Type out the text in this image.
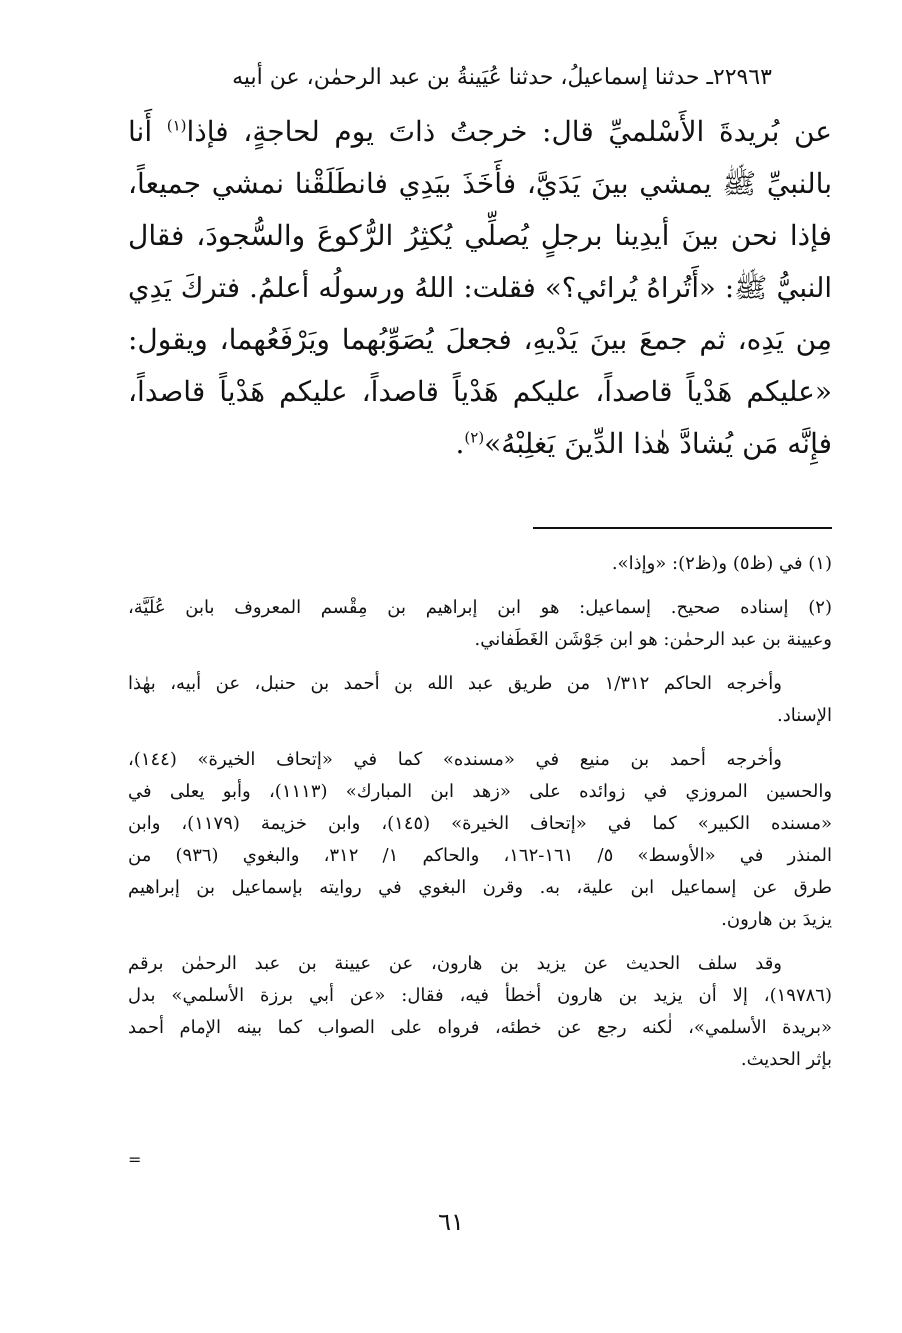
٢٢٩٦٣ـ حدثنا إسماعيلُ، حدثنا عُيَينةُ بن عبد الرحمٰن، عن أبيه

عن بُريدةَ الأَسْلميِّ قال: خرجتُ ذاتَ يوم لحاجةٍ، فإذا$^{(١)}$ أَنا

بالنبيِّ ﷺ يمشي بينَ يَدَيَّ، فأَخَذَ بيَدِي فانطَلَقْنا نمشي جميعاً،

فإذا نحن بينَ أيدِينا برجلٍ يُصلِّي يُكثِرُ الرُّكوعَ والسُّجودَ، فقال

النبيُّ ﷺ: «أَتُراهُ يُرائي؟» فقلت: اللهُ ورسولُه أعلمُ. فتركَ يَدِي

مِن يَدِه، ثم جمعَ بينَ يَدْيهِ، فجعلَ يُصَوِّبُهما ويَرْفَعُهما، ويقول:

«عليكم هَدْياً قاصداً، عليكم هَدْياً قاصداً، عليكم هَدْياً قاصداً،

فإِنَّه مَن يُشادَّ هٰذا الدِّينَ يَغلِبْهُ»$^{(٢)}$.

(١) في (ظ٥) و(ظ٢): «وإذا».

(٢) إسناده صحيح. إسماعيل: هو ابن إبراهيم بن مِقْسم المعروف بابن عُلَيَّة،

وعيينة بن عبد الرحمٰن: هو ابن جَوْشَن الغَطَفاني.

وأخرجه الحاكم ١/٣١٢ من طريق عبد الله بن أحمد بن حنبل، عن أبيه، بهٰذا

الإسناد.

وأخرجه أحمد بن منيع في «مسنده» كما في «إتحاف الخيرة» (١٤٤)،

والحسين المروزي في زوائده على «زهد ابن المبارك» (١١١٣)، وأبو يعلى في

«مسنده الكبير» كما في «إتحاف الخيرة» (١٤٥)، وابن خزيمة (١١٧٩)، وابن

المنذر في «الأوسط» ٥/ ١٦١-١٦٢، والحاكم ١/ ٣١٢، والبغوي (٩٣٦) من

طرق عن إسماعيل ابن علية، به. وقرن البغوي في روايته بإسماعيل بن إبراهيم

يزيدَ بن هارون.

وقد سلف الحديث عن يزيد بن هارون، عن عيينة بن عبد الرحمٰن برقم

(١٩٧٨٦)، إلا أن يزيد بن هارون أخطأ فيه، فقال: «عن أبي برزة الأسلمي» بدل

«بريدة الأسلمي»، لٰكنه رجع عن خطئه، فرواه على الصواب كما بينه الإمام أحمد

بإثر الحديث.

=
٦١
